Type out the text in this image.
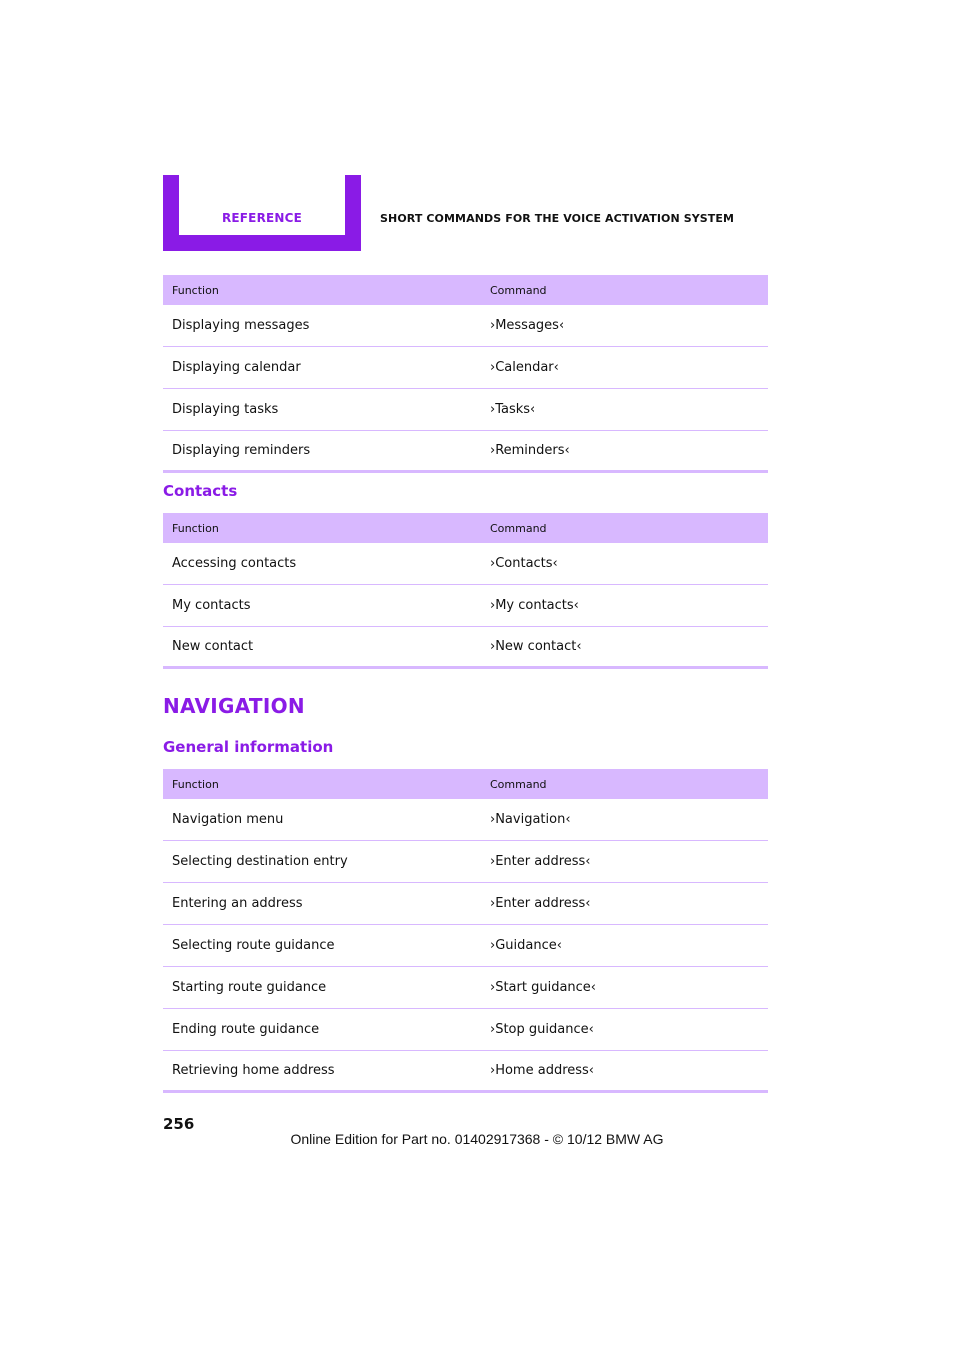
REFERENCE	SHORT COMMANDS FOR THE VOICE ACTIVATION SYSTEM
Function	Command
Displaying messages	›Messages‹
Displaying calendar	›Calendar‹
Displaying tasks	›Tasks‹
Displaying reminders	›Reminders‹
Contacts
Function	Command
Accessing contacts	›Contacts‹
My contacts	›My contacts‹
New contact	›New contact‹
NAVIGATION
General information
Function	Command
Navigation menu	›Navigation‹
Selecting destination entry	›Enter address‹
Entering an address	›Enter address‹
Selecting route guidance	›Guidance‹
Starting route guidance	›Start guidance‹
Ending route guidance	›Stop guidance‹
Retrieving home address	›Home address‹
256
Online Edition for Part no. 01402917368 - © 10/12 BMW AG
